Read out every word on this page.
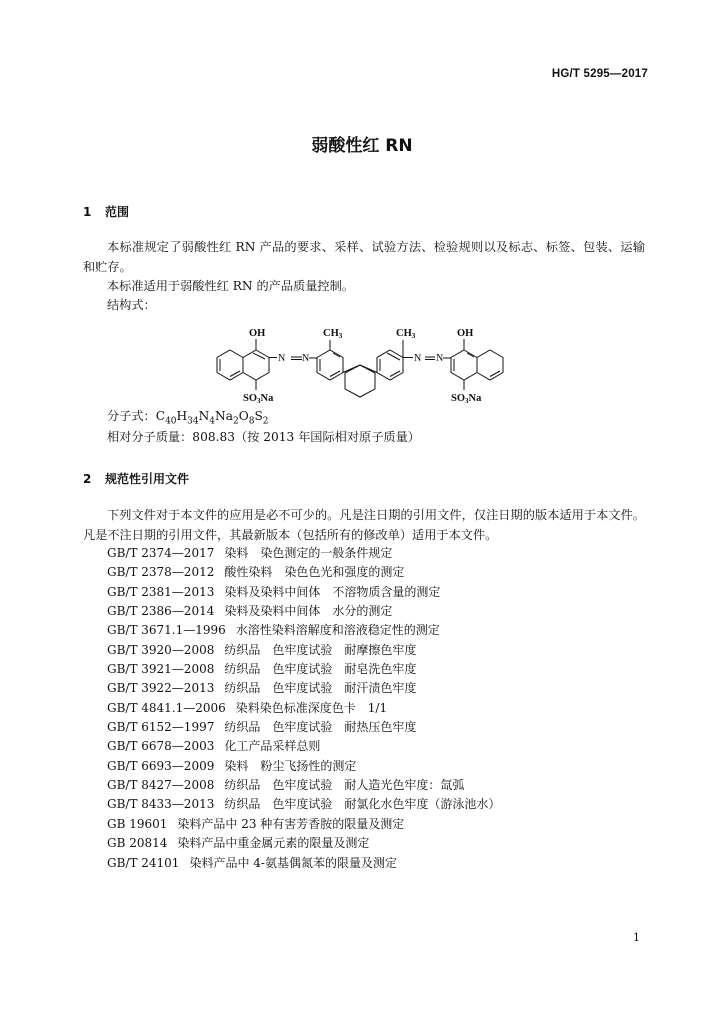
HG/T 5295—2017
弱酸性红 RN
1 范围
本标准规定了弱酸性红 RN 产品的要求、采样、试验方法、检验规则以及标志、标签、包装、运输和贮存。
本标准适用于弱酸性红 RN 的产品质量控制。
结构式：
OH	CH3	CH3	OH
SO3Na	SO3Na
N N	N N
分子式：$C_{40}H_{34}N_4Na_2O_8S_2$
相对分子质量：808.83（按 2013 年国际相对原子质量）
2 规范性引用文件
下列文件对于本文件的应用是必不可少的。凡是注日期的引用文件，仅注日期的版本适用于本文件。凡是不注日期的引用文件，其最新版本（包括所有的修改单）适用于本文件。
GB/T 2374—2017 染料　染色测定的一般条件规定
GB/T 2378—2012 酸性染料　染色色光和强度的测定
GB/T 2381—2013 染料及染料中间体　不溶物质含量的测定
GB/T 2386—2014 染料及染料中间体　水分的测定
GB/T 3671.1—1996 水溶性染料溶解度和溶液稳定性的测定
GB/T 3920—2008 纺织品　色牢度试验　耐摩擦色牢度
GB/T 3921—2008 纺织品　色牢度试验　耐皂洗色牢度
GB/T 3922—2013 纺织品　色牢度试验　耐汗渍色牢度
GB/T 4841.1—2006 染料染色标准深度色卡　1/1
GB/T 6152—1997 纺织品　色牢度试验　耐热压色牢度
GB/T 6678—2003 化工产品采样总则
GB/T 6693—2009 染料　粉尘飞扬性的测定
GB/T 8427—2008 纺织品　色牢度试验　耐人造光色牢度：氙弧
GB/T 8433—2013 纺织品　色牢度试验　耐氯化水色牢度（游泳池水）
GB 19601 染料产品中 23 种有害芳香胺的限量及测定
GB 20814 染料产品中重金属元素的限量及测定
GB/T 24101 染料产品中 4-氨基偶氮苯的限量及测定
1
